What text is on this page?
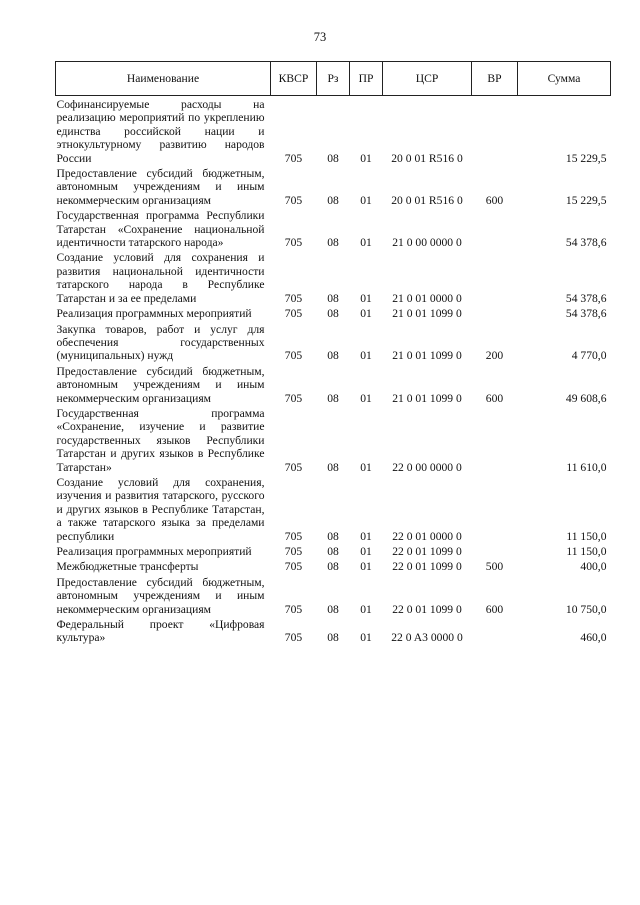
73
Наименование	КВСР	Рз	ПР	ЦСР	ВР	Сумма
Софинансируемые расходы на реализацию мероприятий по укреплению единства российской нации и этнокультурному развитию народов России	705	08	01	20 0 01 R516 0		15 229,5
Предоставление субсидий бюджетным, автономным учреждениям и иным некоммерческим организациям	705	08	01	20 0 01 R516 0	600	15 229,5
Государственная программа Республики Татарстан «Сохранение национальной идентичности татарского народа»	705	08	01	21 0 00 0000 0		54 378,6
Создание условий для сохранения и развития национальной идентичности татарского народа в Республике Татарстан и за ее пределами	705	08	01	21 0 01 0000 0		54 378,6
Реализация программных мероприятий	705	08	01	21 0 01 1099 0		54 378,6
Закупка товаров, работ и услуг для обеспечения государственных (муниципальных) нужд	705	08	01	21 0 01 1099 0	200	4 770,0
Предоставление субсидий бюджетным, автономным учреждениям и иным некоммерческим организациям	705	08	01	21 0 01 1099 0	600	49 608,6
Государственная программа «Сохранение, изучение и развитие государственных языков Республики Татарстан и других языков в Республике Татарстан»	705	08	01	22 0 00 0000 0		11 610,0
Создание условий для сохранения, изучения и развития татарского, русского и других языков в Республике Татарстан, а также татарского языка за пределами республики	705	08	01	22 0 01 0000 0		11 150,0
Реализация программных мероприятий	705	08	01	22 0 01 1099 0		11 150,0
Межбюджетные трансферты	705	08	01	22 0 01 1099 0	500	400,0
Предоставление субсидий бюджетным, автономным учреждениям и иным некоммерческим организациям	705	08	01	22 0 01 1099 0	600	10 750,0
Федеральный проект «Цифровая культура»	705	08	01	22 0 A3 0000 0		460,0
